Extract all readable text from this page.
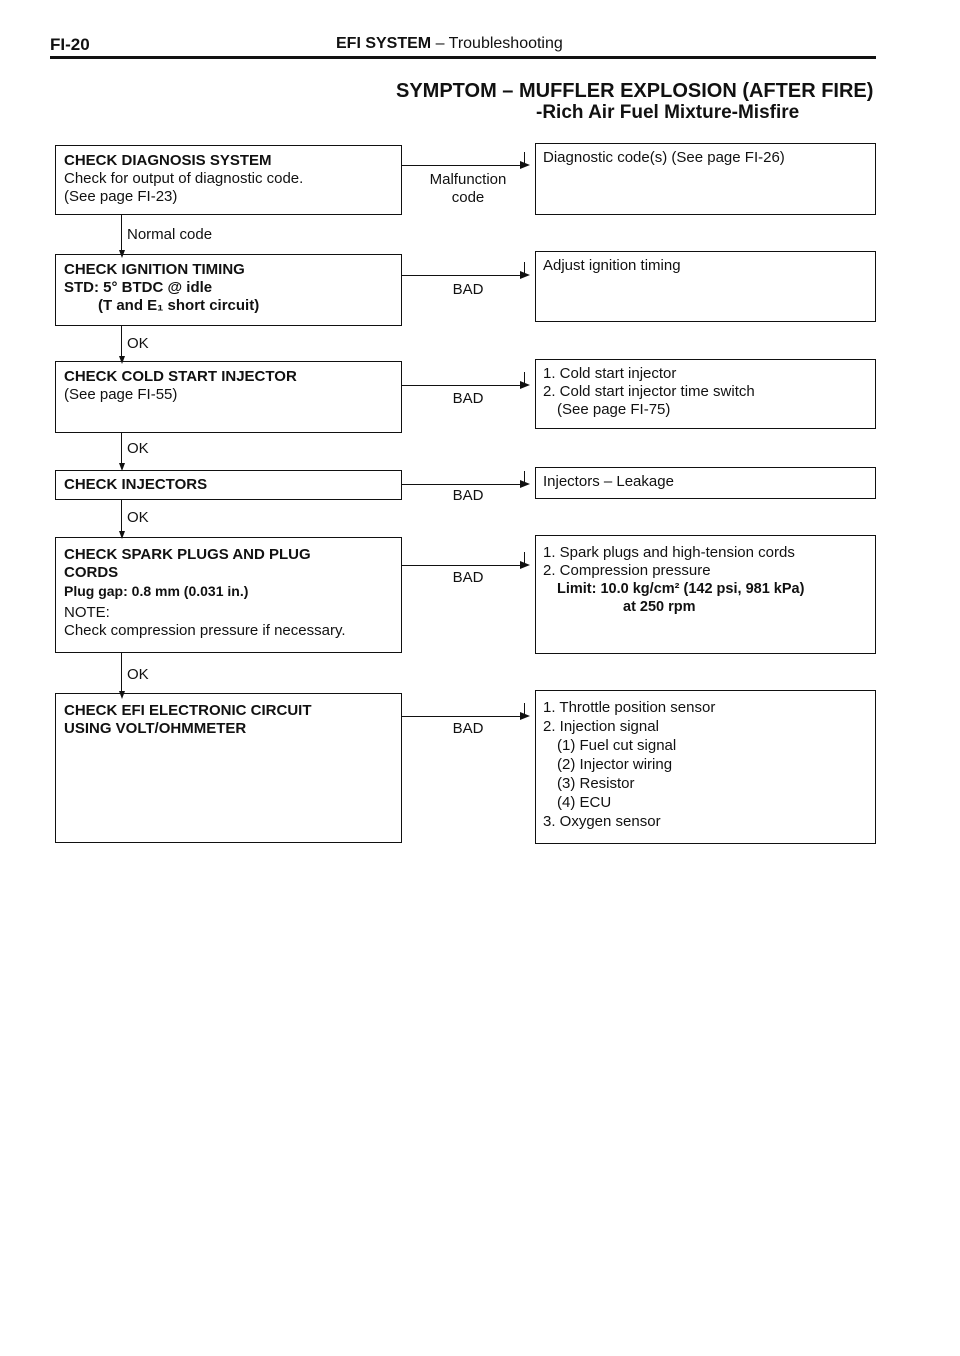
FI-20	EFI SYSTEM – Troubleshooting
SYMPTOM – MUFFLER EXPLOSION (AFTER FIRE)
-Rich Air Fuel Mixture-Misfire
CHECK DIAGNOSIS SYSTEM
Check for output of diagnostic code.
(See page FI-23)
Malfunction
code
Diagnostic code(s) (See page FI-26)
Normal code
CHECK IGNITION TIMING
STD: 5° BTDC @ idle
(T and E₁ short circuit)
BAD
Adjust ignition timing
OK
CHECK COLD START INJECTOR
(See page FI-55)	BAD
1. Cold start injector
2. Cold start injector time switch
(See page FI-75)
OK
CHECK INJECTORS
BAD
Injectors – Leakage
OK
CHECK SPARK PLUGS AND PLUG
CORDS
Plug gap: 0.8 mm (0.031 in.)
NOTE:
Check compression pressure if necessary.
BAD
1. Spark plugs and high-tension cords
2. Compression pressure
Limit: 10.0 kg/cm² (142 psi, 981 kPa)
at 250 rpm
OK
CHECK EFI ELECTRONIC CIRCUIT
USING VOLT/OHMMETER	BAD
1. Throttle position sensor
2. Injection signal
(1) Fuel cut signal
(2) Injector wiring
(3) Resistor
(4) ECU
3. Oxygen sensor
